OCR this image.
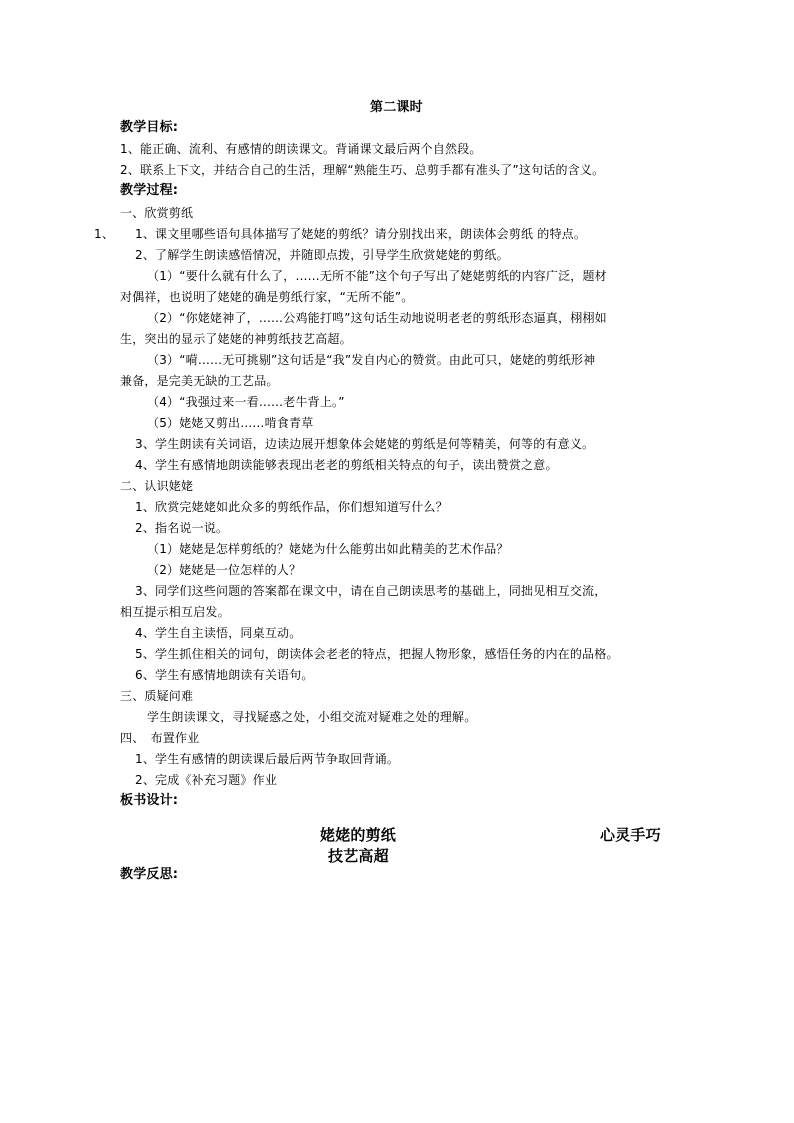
第二课时
教学目标:
1、能正确、流利、有感情的朗读课文。背诵课文最后两个自然段。
2、联系上下文，并结合自己的生活，理解“熟能生巧、总剪手都有准头了”这句话的含义。
教学过程:
一、欣赏剪纸
1、 1、课文里哪些语句具体描写了姥姥的剪纸？请分别找出来，朗读体会剪纸 的特点。
2、了解学生朗读感悟情况，并随即点拨，引导学生欣赏姥姥的剪纸。
（1）“要什么就有什么了，……无所不能”这个句子写出了姥姥剪纸的内容广泛，题材
对偶祥，也说明了姥姥的确是剪纸行家，“无所不能”。
（2）“你姥姥神了，……公鸡能打鸣”这句话生动地说明老老的剪纸形态逼真，栩栩如
生，突出的显示了姥姥的神剪纸技艺高超。
（3）“嗬……无可挑剔”这句话是“我”发自内心的赞赏。由此可只，姥姥的剪纸形神
兼备，是完美无缺的工艺品。
（4）“我强过来一看……老牛背上。”
（5）姥姥又剪出……啃食青草
3、学生朗读有关词语，边读边展开想象体会姥姥的剪纸是何等精美，何等的有意义。
4、学生有感情地朗读能够表现出老老的剪纸相关特点的句子，读出赞赏之意。
二、认识姥姥
1、欣赏完姥姥如此众多的剪纸作品，你们想知道写什么？
2、指名说一说。
（1）姥姥是怎样剪纸的？姥姥为什么能剪出如此精美的艺术作品？
（2）姥姥是一位怎样的人？
3、同学们这些问题的答案都在课文中，请在自己朗读思考的基础上，同拙见相互交流，
相互提示相互启发。
4、学生自主读悟，同桌互动。
5、学生抓住相关的词句，朗读体会老老的特点，把握人物形象，感悟任务的内在的品格。
6、学生有感情地朗读有关语句。
三、质疑问难
学生朗读课文，寻找疑惑之处，小组交流对疑难之处的理解。
四、　布置作业
1、学生有感情的朗读课后最后两节争取回背诵。
2、完成《补充习题》作业
板书设计:
姥姥的剪纸	心灵手巧
技艺高超
教学反思:
